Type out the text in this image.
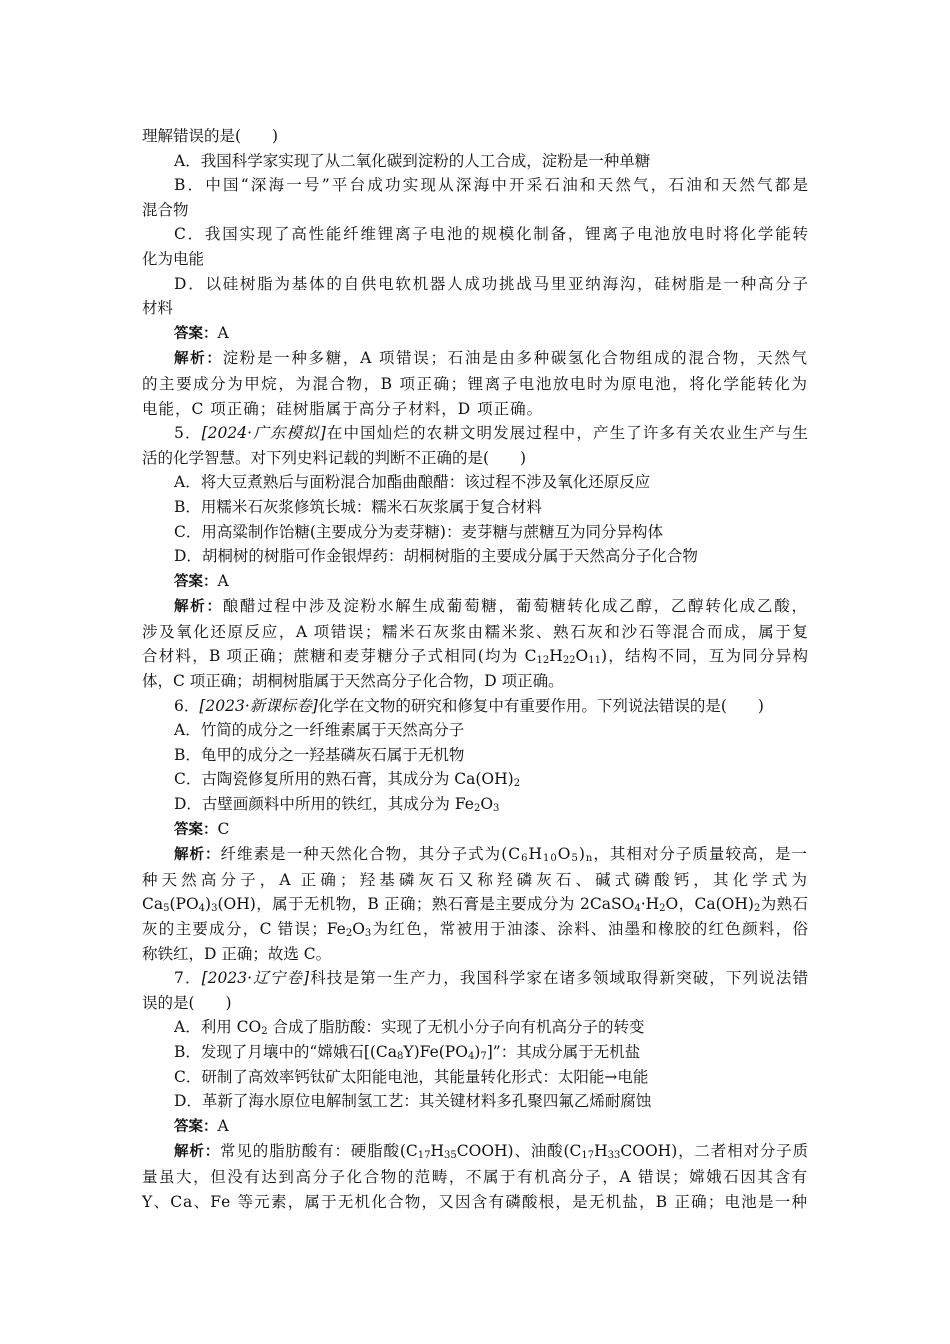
理解错误的是(　　)
A．我国科学家实现了从二氧化碳到淀粉的人工合成，淀粉是一种单糖
B．中国“深海一号”平台成功实现从深海中开采石油和天然气，石油和天然气都是
混合物
C．我国实现了高性能纤维锂离子电池的规模化制备，锂离子电池放电时将化学能转
化为电能
D．以硅树脂为基体的自供电软机器人成功挑战马里亚纳海沟，硅树脂是一种高分子
材料
答案：A
解析：淀粉是一种多糖，A 项错误；石油是由多种碳氢化合物组成的混合物，天然气
的主要成分为甲烷，为混合物，B 项正确；锂离子电池放电时为原电池，将化学能转化为
电能，C 项正确；硅树脂属于高分子材料，D 项正确。
5．[2024·广东模拟]在中国灿烂的农耕文明发展过程中，产生了许多有关农业生产与生
活的化学智慧。对下列史料记载的判断不正确的是(　　)
A．将大豆煮熟后与面粉混合加酯曲酿醋：该过程不涉及氧化还原反应
B．用糯米石灰浆修筑长城：糯米石灰浆属于复合材料
C．用高粱制作饴糖(主要成分为麦芽糖)：麦芽糖与蔗糖互为同分异构体
D．胡桐树的树脂可作金银焊药：胡桐树脂的主要成分属于天然高分子化合物
答案：A
解析：酿醋过程中涉及淀粉水解生成葡萄糖，葡萄糖转化成乙醇，乙醇转化成乙酸，
涉及氧化还原反应，A 项错误；糯米石灰浆由糯米浆、熟石灰和沙石等混合而成，属于复
合材料，B 项正确；蔗糖和麦芽糖分子式相同(均为 $C_{12}H_{22}O_{11}$)，结构不同，互为同分异构
体，C 项正确；胡桐树脂属于天然高分子化合物，D 项正确。
6．[2023·新课标卷]化学在文物的研究和修复中有重要作用。下列说法错误的是(　　)
A．竹简的成分之一纤维素属于天然高分子
B．龟甲的成分之一羟基磷灰石属于无机物
C．古陶瓷修复所用的熟石膏，其成分为 $Ca(OH)_2$
D．古壁画颜料中所用的铁红，其成分为 $Fe_2O_3$
答案：C
解析：纤维素是一种天然化合物，其分子式为$(C_6H_{10}O_5)_n$，其相对分子质量较高，是一
种天然高分子，A 正确；羟基磷灰石又称羟磷灰石、碱式磷酸钙，其化学式为
$Ca_5(PO_4)_3(OH)$，属于无机物，B 正确；熟石膏是主要成分为 $2CaSO_4\cdot H_2O$，$Ca(OH)_2$为熟石
灰的主要成分，C 错误；$Fe_2O_3$为红色，常被用于油漆、涂料、油墨和橡胶的红色颜料，俗
称铁红，D 正确；故选 C。
7．[2023·辽宁卷]科技是第一生产力，我国科学家在诸多领域取得新突破，下列说法错
误的是(　　)
A．利用 $CO_2$ 合成了脂肪酸：实现了无机小分子向有机高分子的转变
B．发现了月壤中的“嫦娥石$[(Ca_8Y)Fe(PO_4)_7]$”：其成分属于无机盐
C．研制了高效率钙钛矿太阳能电池，其能量转化形式：太阳能→电能
D．革新了海水原位电解制氢工艺：其关键材料多孔聚四氟乙烯耐腐蚀
答案：A
解析：常见的脂肪酸有：硬脂酸$(C_{17}H_{35}COOH)$、油酸$(C_{17}H_{33}COOH)$，二者相对分子质
量虽大，但没有达到高分子化合物的范畴，不属于有机高分子，A 错误；嫦娥石因其含有
Y、Ca、Fe 等元素，属于无机化合物，又因含有磷酸根，是无机盐，B 正确；电池是一种
